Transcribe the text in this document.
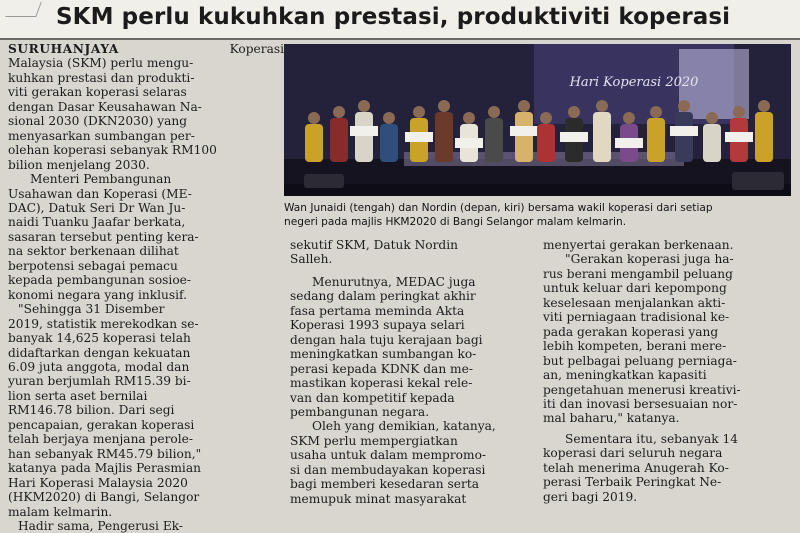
SKM perlu kukuhkan prestasi, produktiviti koperasi

SURUHANJAYA	Koperasi
Malaysia (SKM) perlu mengu-
kuhkan prestasi dan produkti-
viti gerakan koperasi selaras
dengan Dasar Keusahawan Na-
sional 2030 (DKN2030) yang
menyasarkan sumbangan per-
olehan koperasi sebanyak RM100
bilion menjelang 2030.

Menteri Pembangunan
Usahawan dan Koperasi (ME-
DAC), Datuk Seri Dr Wan Ju-
naidi Tuanku Jaafar berkata,
sasaran tersebut penting kera-
na sektor berkenaan dilihat
berpotensi sebagai pemacu
kepada pembangunan sosioe-
konomi negara yang inklusif.

"Sehingga 31 Disember
2019, statistik merekodkan se-
banyak 14,625 koperasi telah
didaftarkan dengan kekuatan
6.09 juta anggota, modal dan
yuran berjumlah RM15.39 bi-
lion serta aset bernilai
RM146.78 bilion. Dari segi
pencapaian, gerakan koperasi
telah berjaya menjana perole-
han sebanyak RM45.79 bilion,"
katanya pada Majlis Perasmian
Hari Koperasi Malaysia 2020
(HKM2020) di Bangi, Selangor
malam kelmarin.

Hadir sama, Pengerusi Ek-

Hari Koperasi 2020
Wan Junaidi (tengah) dan Nordin (depan, kiri) bersama wakil koperasi dari setiap
negeri pada majlis HKM2020 di Bangi Selangor malam kelmarin.

sekutif SKM, Datuk Nordin
Salleh.

Menurutnya, MEDAC juga
sedang dalam peringkat akhir
fasa pertama meminda Akta
Koperasi 1993 supaya selari
dengan hala tuju kerajaan bagi
meningkatkan sumbangan ko-
perasi kepada KDNK dan me-
mastikan koperasi kekal rele-
van dan kompetitif kepada
pembangunan negara.

Oleh yang demikian, katanya,
SKM perlu mempergiatkan
usaha untuk dalam mempromo-
si dan membudayakan koperasi
bagi memberi kesedaran serta
memupuk minat masyarakat

menyertai gerakan berkenaan.

"Gerakan koperasi juga ha-
rus berani mengambil peluang
untuk keluar dari kepompong
keselesaan menjalankan akti-
viti perniagaan tradisional ke-
pada gerakan koperasi yang
lebih kompeten, berani mere-
but pelbagai peluang perniaga-
an, meningkatkan kapasiti
pengetahuan menerusi kreativi-
iti dan inovasi bersesuaian nor-
mal baharu," katanya.

Sementara itu, sebanyak 14
koperasi dari seluruh negara
telah menerima Anugerah Ko-
perasi Terbaik Peringkat Ne-
geri bagi 2019.
